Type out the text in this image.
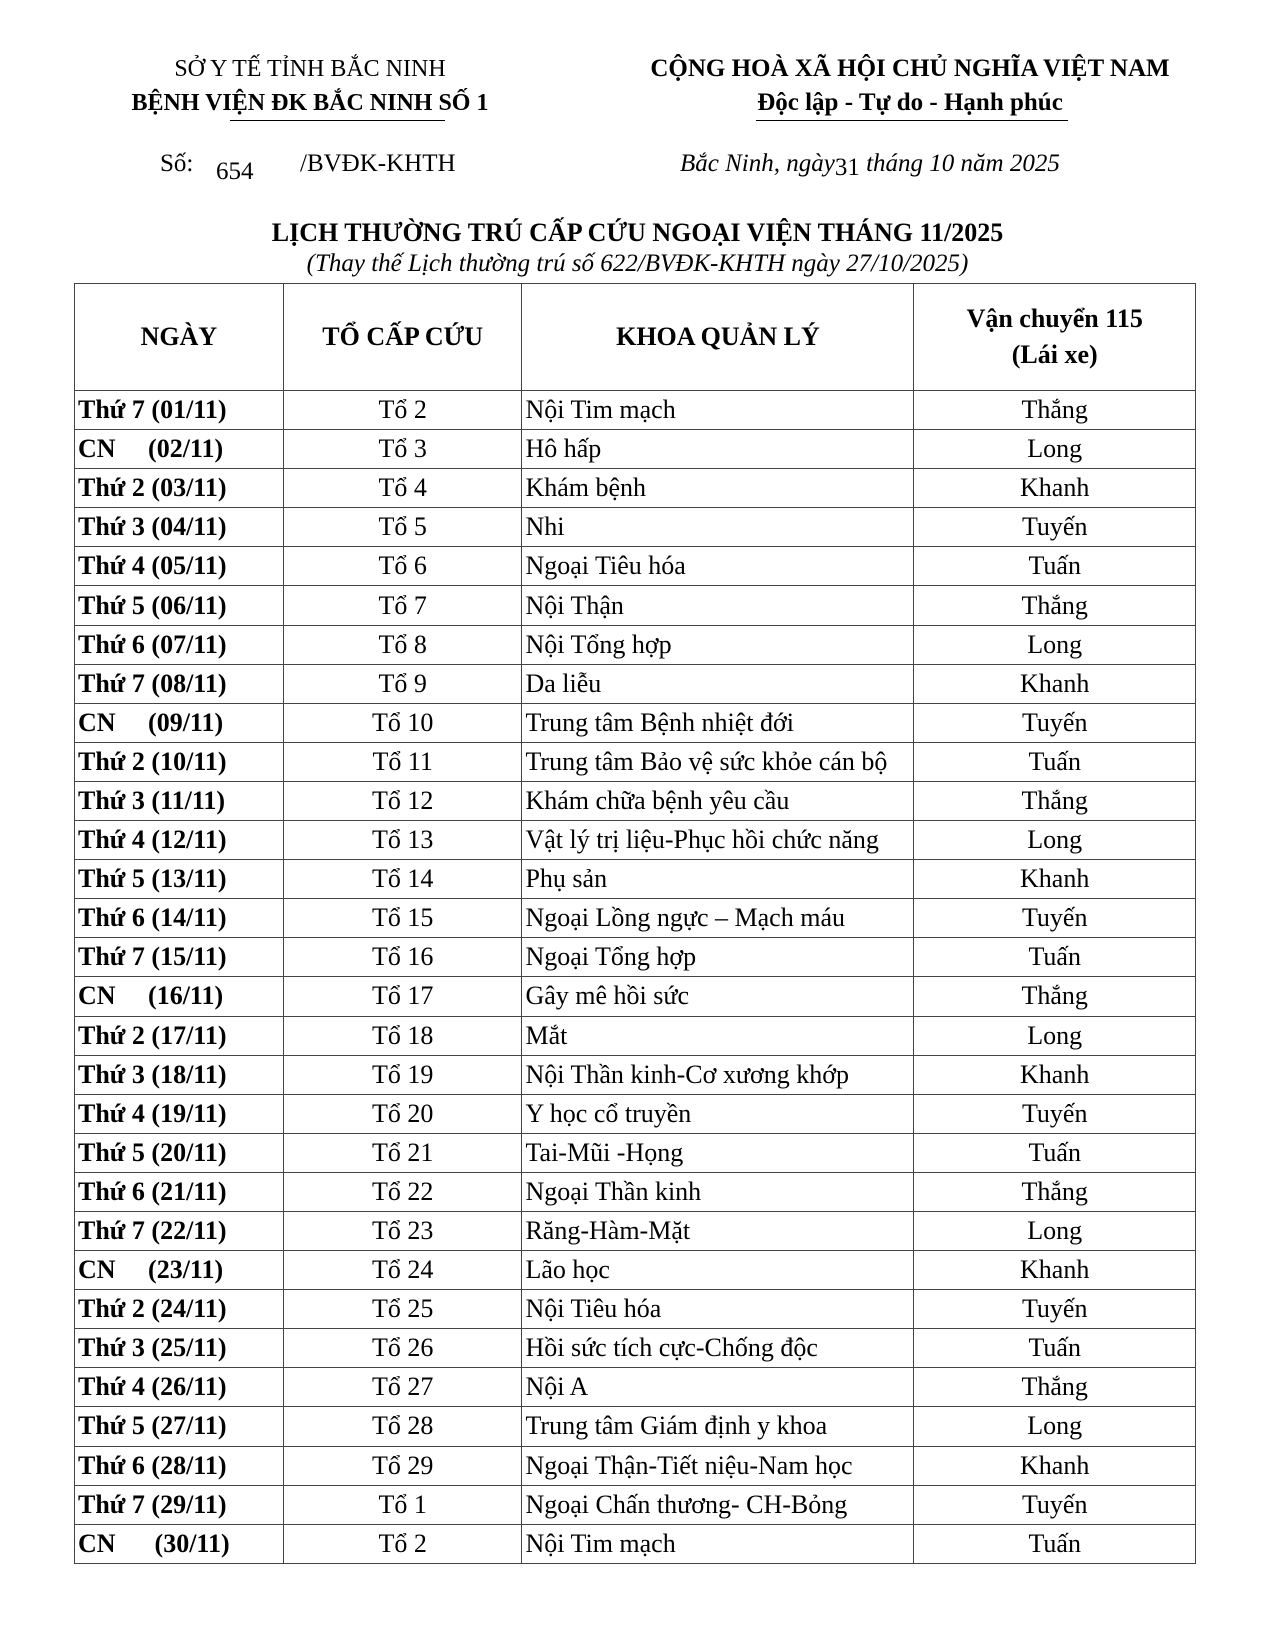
SỞ Y TẾ TỈNH BẮC NINH
BỆNH VIỆN ĐK BẮC NINH SỐ 1
CỘNG HOÀ XÃ HỘI CHỦ NGHĨA VIỆT NAM
Độc lập - Tự do - Hạnh phúc
Số: 654 /BVĐK-KHTH	Bắc Ninh, ngày31 tháng 10 năm 2025
LỊCH THƯỜNG TRÚ CẤP CỨU NGOẠI VIỆN THÁNG 11/2025
(Thay thế Lịch thường trú số 622/BVĐK-KHTH ngày 27/10/2025)
NGÀY	TỔ CẤP CỨU	KHOA QUẢN LÝ	Vận chuyển 115
(Lái xe)

Thứ 7 (01/11)	Tổ 2	Nội Tim mạch	Thắng
CN     (02/11)	Tổ 3	Hô hấp	Long
Thứ 2 (03/11)	Tổ 4	Khám bệnh	Khanh
Thứ 3 (04/11)	Tổ 5	Nhi	Tuyến
Thứ 4 (05/11)	Tổ 6	Ngoại Tiêu hóa	Tuấn
Thứ 5 (06/11)	Tổ 7	Nội Thận	Thắng
Thứ 6 (07/11)	Tổ 8	Nội Tổng hợp	Long
Thứ 7 (08/11)	Tổ 9	Da liễu	Khanh
CN     (09/11)	Tổ 10	Trung tâm Bệnh nhiệt đới	Tuyến
Thứ 2 (10/11)	Tổ 11	Trung tâm Bảo vệ sức khỏe cán bộ	Tuấn
Thứ 3 (11/11)	Tổ 12	Khám chữa bệnh yêu cầu	Thắng
Thứ 4 (12/11)	Tổ 13	Vật lý trị liệu-Phục hồi chức năng	Long
Thứ 5 (13/11)	Tổ 14	Phụ sản	Khanh
Thứ 6 (14/11)	Tổ 15	Ngoại Lồng ngực – Mạch máu	Tuyến
Thứ 7 (15/11)	Tổ 16	Ngoại Tổng hợp	Tuấn
CN     (16/11)	Tổ 17	Gây mê hồi sức	Thắng
Thứ 2 (17/11)	Tổ 18	Mắt	Long
Thứ 3 (18/11)	Tổ 19	Nội Thần kinh-Cơ xương khớp	Khanh
Thứ 4 (19/11)	Tổ 20	Y học cổ truyền	Tuyến
Thứ 5 (20/11)	Tổ 21	Tai-Mũi -Họng	Tuấn
Thứ 6 (21/11)	Tổ 22	Ngoại Thần kinh	Thắng
Thứ 7 (22/11)	Tổ 23	Răng-Hàm-Mặt	Long
CN     (23/11)	Tổ 24	Lão học	Khanh
Thứ 2 (24/11)	Tổ 25	Nội Tiêu hóa	Tuyến
Thứ 3 (25/11)	Tổ 26	Hồi sức tích cực-Chống độc	Tuấn
Thứ 4 (26/11)	Tổ 27	Nội A	Thắng
Thứ 5 (27/11)	Tổ 28	Trung tâm Giám định y khoa	Long
Thứ 6 (28/11)	Tổ 29	Ngoại Thận-Tiết niệu-Nam học	Khanh
Thứ 7 (29/11)	Tổ 1	Ngoại Chấn thương- CH-Bỏng	Tuyến
CN      (30/11)	Tổ 2	Nội Tim mạch	Tuấn
